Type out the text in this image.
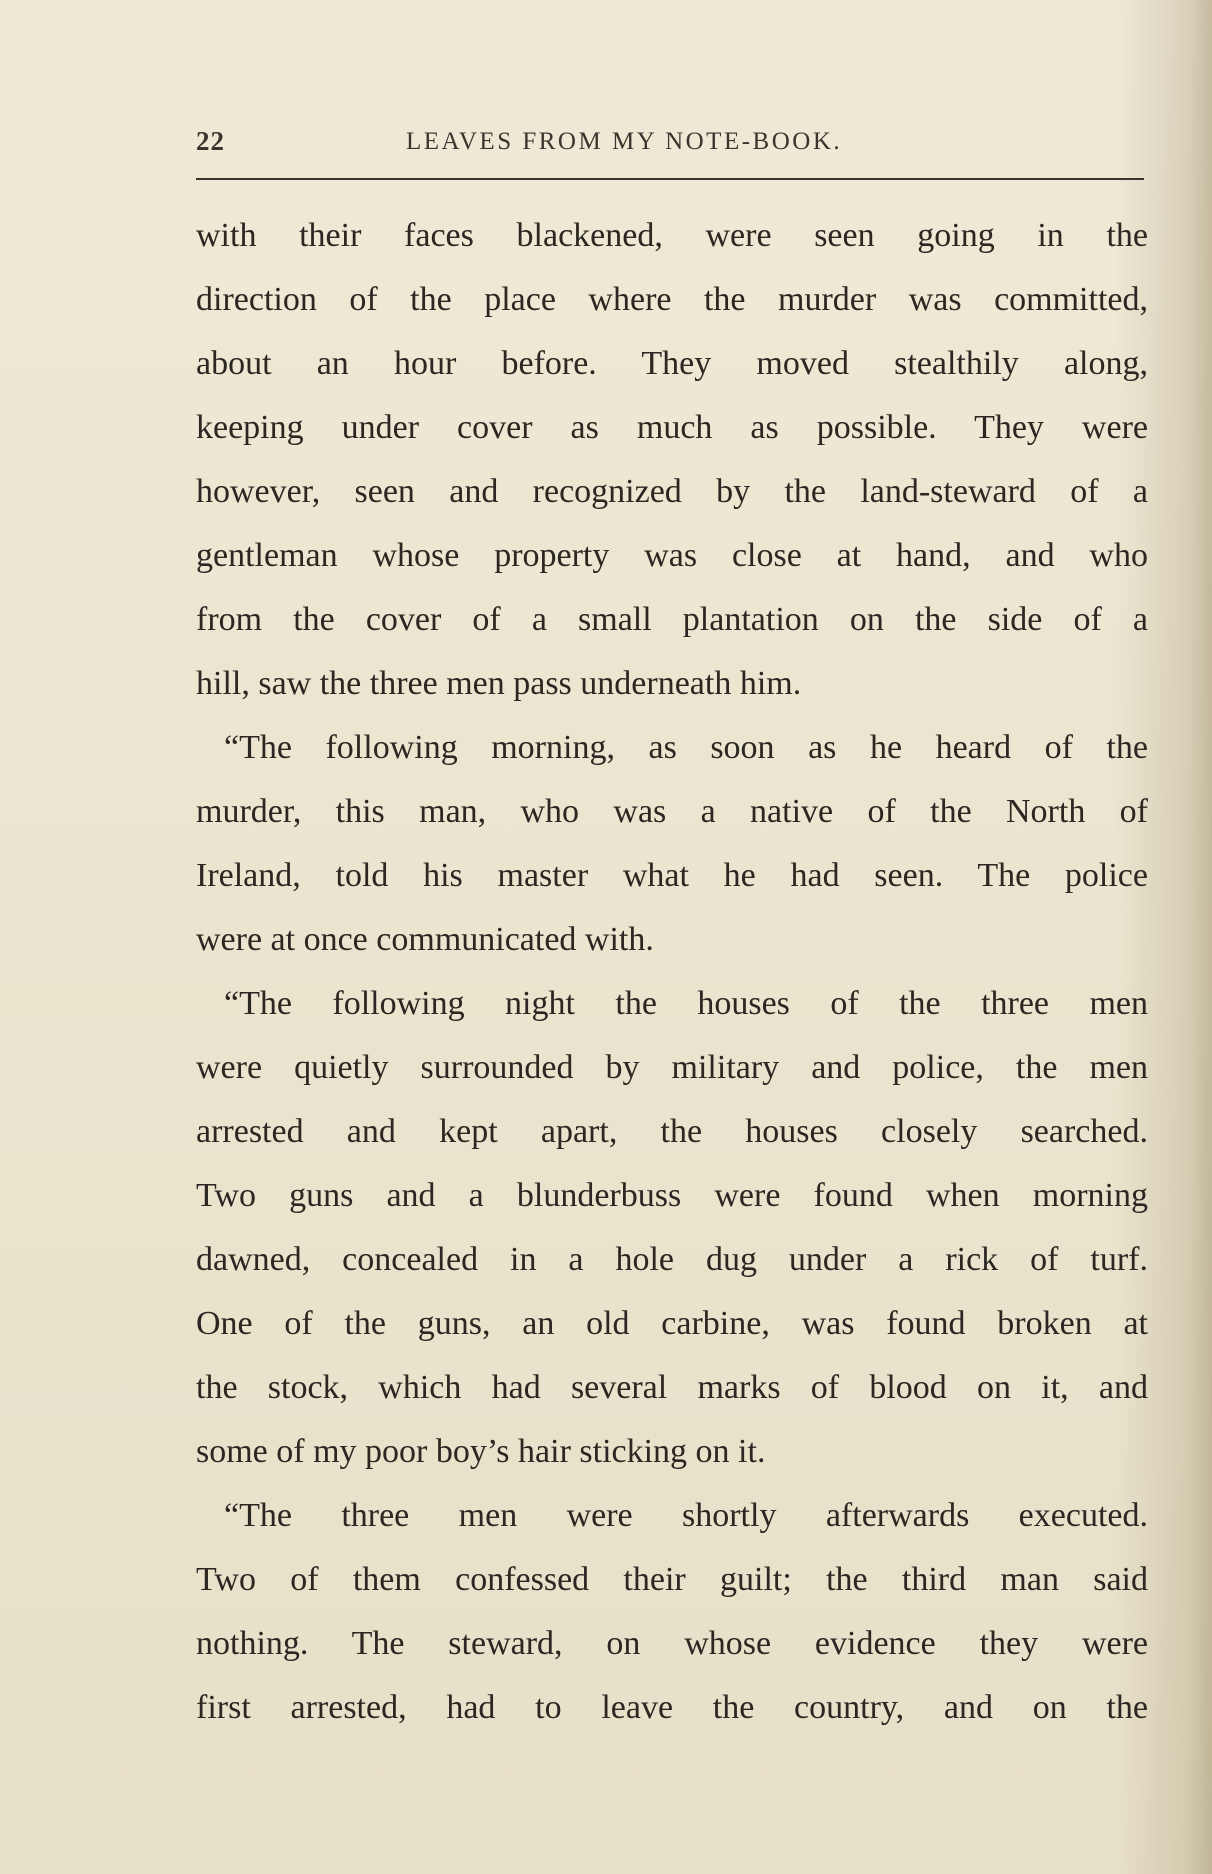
22	LEAVES FROM MY NOTE-BOOK.
with their faces blackened, were seen going in the
direction of the place where the murder was committed,
about an hour before. They moved stealthily along,
keeping under cover as much as possible. They were
however, seen and recognized by the land-steward of a
gentleman whose property was close at hand, and who
from the cover of a small plantation on the side of a
hill, saw the three men pass underneath him.
“The following morning, as soon as he heard of the
murder, this man, who was a native of the North of
Ireland, told his master what he had seen. The police
were at once communicated with.
“The following night the houses of the three men
were quietly surrounded by military and police, the men
arrested and kept apart, the houses closely searched.
Two guns and a blunderbuss were found when morning
dawned, concealed in a hole dug under a rick of turf.
One of the guns, an old carbine, was found broken at
the stock, which had several marks of blood on it, and
some of my poor boy’s hair sticking on it.
“The three men were shortly afterwards executed.
Two of them confessed their guilt; the third man said
nothing. The steward, on whose evidence they were
first arrested, had to leave the country, and on the
